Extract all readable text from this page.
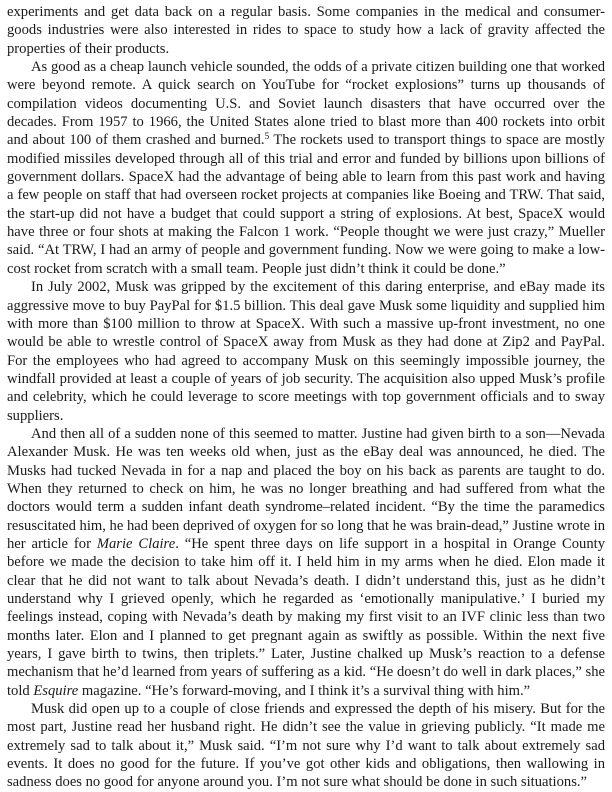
experiments and get data back on a regular basis. Some companies in the medical and consumer-goods industries were also interested in rides to space to study how a lack of gravity affected the properties of their products.

As good as a cheap launch vehicle sounded, the odds of a private citizen building one that worked were beyond remote. A quick search on YouTube for “rocket explosions” turns up thousands of compilation videos documenting U.S. and Soviet launch disasters that have occurred over the decades. From 1957 to 1966, the United States alone tried to blast more than 400 rockets into orbit and about 100 of them crashed and burned.$^5$ The rockets used to transport things to space are mostly modified missiles developed through all of this trial and error and funded by billions upon billions of government dollars. SpaceX had the advantage of being able to learn from this past work and having a few people on staff that had overseen rocket projects at companies like Boeing and TRW. That said, the start-up did not have a budget that could support a string of explosions. At best, SpaceX would have three or four shots at making the Falcon 1 work. “People thought we were just crazy,” Mueller said. “At TRW, I had an army of people and government funding. Now we were going to make a low-cost rocket from scratch with a small team. People just didn’t think it could be done.”

In July 2002, Musk was gripped by the excitement of this daring enterprise, and eBay made its aggressive move to buy PayPal for $1.5 billion. This deal gave Musk some liquidity and supplied him with more than $100 million to throw at SpaceX. With such a massive up-front investment, no one would be able to wrestle control of SpaceX away from Musk as they had done at Zip2 and PayPal. For the employees who had agreed to accompany Musk on this seemingly impossible journey, the windfall provided at least a couple of years of job security. The acquisition also upped Musk’s profile and celebrity, which he could leverage to score meetings with top government officials and to sway suppliers.

And then all of a sudden none of this seemed to matter. Justine had given birth to a son—Nevada Alexander Musk. He was ten weeks old when, just as the eBay deal was announced, he died. The Musks had tucked Nevada in for a nap and placed the boy on his back as parents are taught to do. When they returned to check on him, he was no longer breathing and had suffered from what the doctors would term a sudden infant death syndrome–related incident. “By the time the paramedics resuscitated him, he had been deprived of oxygen for so long that he was brain-dead,” Justine wrote in her article for Marie Claire. “He spent three days on life support in a hospital in Orange County before we made the decision to take him off it. I held him in my arms when he died. Elon made it clear that he did not want to talk about Nevada’s death. I didn’t understand this, just as he didn’t understand why I grieved openly, which he regarded as ‘emotionally manipulative.’ I buried my feelings instead, coping with Nevada’s death by making my first visit to an IVF clinic less than two months later. Elon and I planned to get pregnant again as swiftly as possible. Within the next five years, I gave birth to twins, then triplets.” Later, Justine chalked up Musk’s reaction to a defense mechanism that he’d learned from years of suffering as a kid. “He doesn’t do well in dark places,” she told Esquire magazine. “He’s forward-moving, and I think it’s a survival thing with him.”

Musk did open up to a couple of close friends and expressed the depth of his misery. But for the most part, Justine read her husband right. He didn’t see the value in grieving publicly. “It made me extremely sad to talk about it,” Musk said. “I’m not sure why I’d want to talk about extremely sad events. It does no good for the future. If you’ve got other kids and obligations, then wallowing in sadness does no good for anyone around you. I’m not sure what should be done in such situations.”
